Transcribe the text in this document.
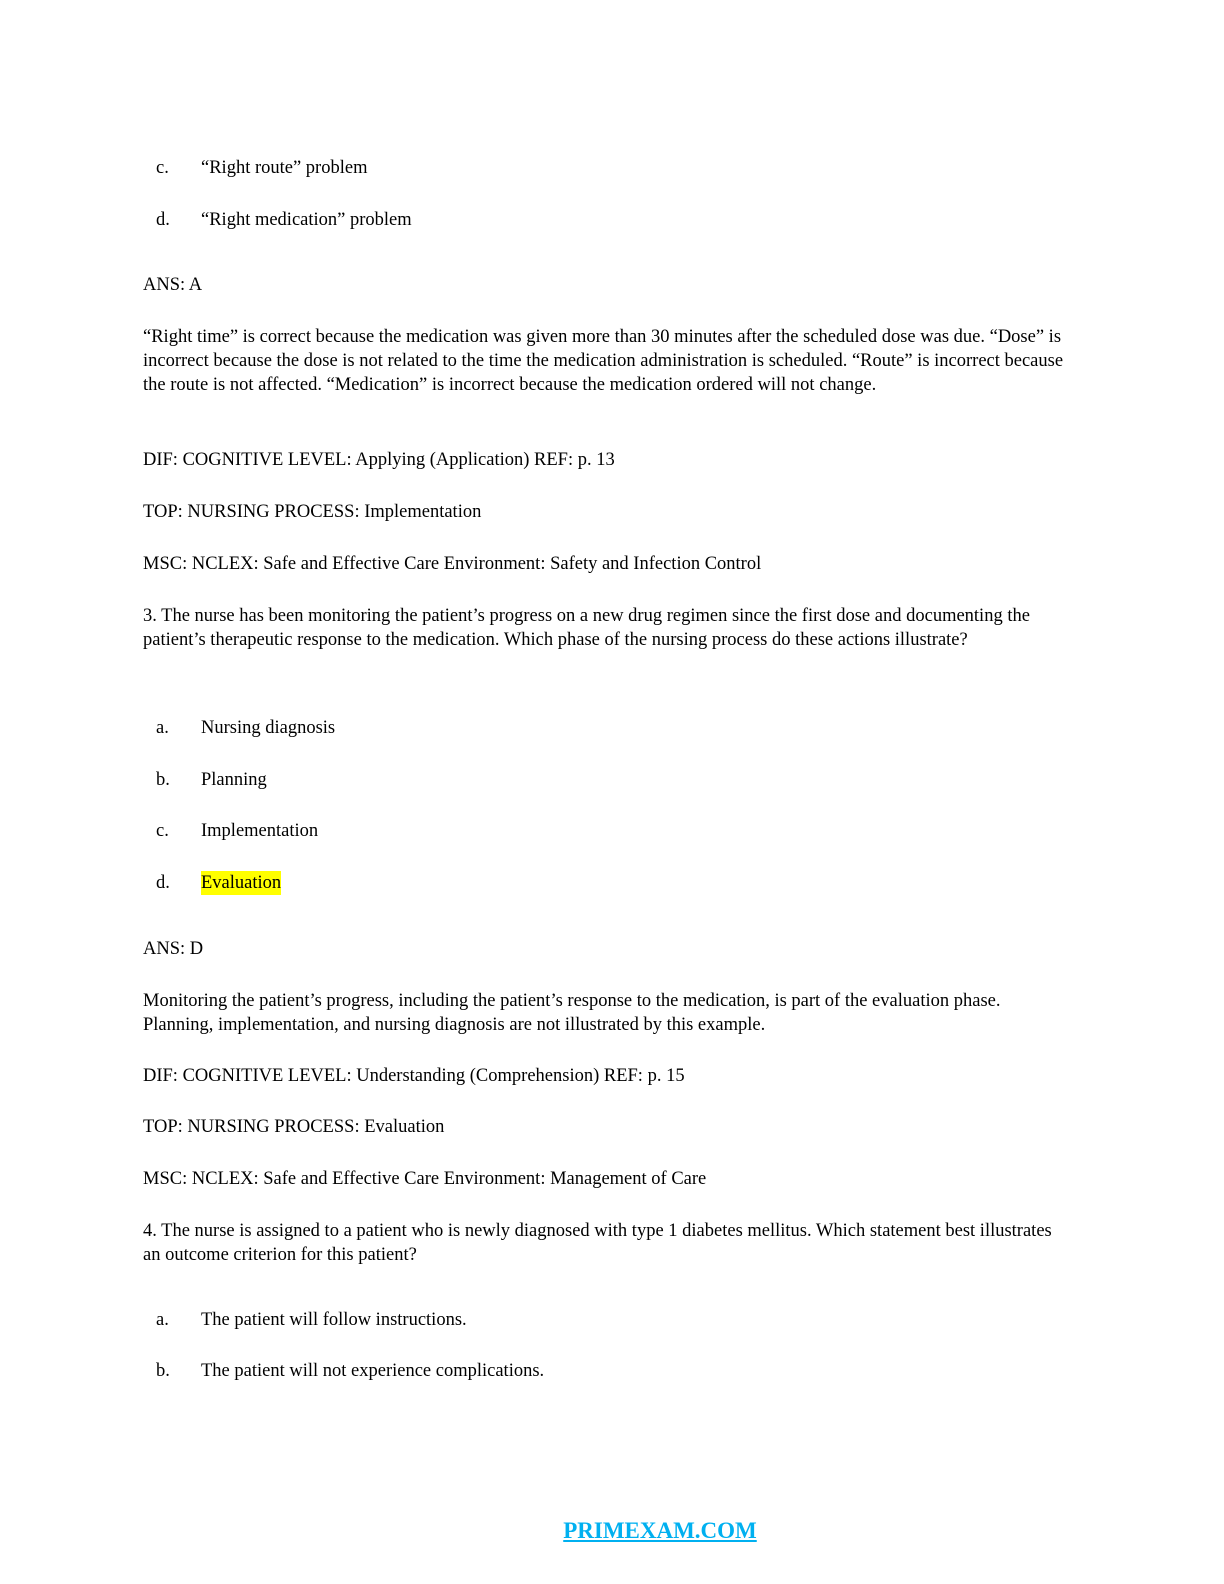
c. “Right route” problem
d. “Right medication” problem
ANS: A
“Right time” is correct because the medication was given more than 30 minutes after the scheduled dose was due. “Dose” is incorrect because the dose is not related to the time the medication administration is scheduled. “Route” is incorrect because the route is not affected. “Medication” is incorrect because the medication ordered will not change.
DIF: COGNITIVE LEVEL: Applying (Application) REF: p. 13
TOP: NURSING PROCESS: Implementation
MSC: NCLEX: Safe and Effective Care Environment: Safety and Infection Control
3. The nurse has been monitoring the patient’s progress on a new drug regimen since the first dose and documenting the patient’s therapeutic response to the medication. Which phase of the nursing process do these actions illustrate?
a. Nursing diagnosis
b. Planning
c. Implementation
d. Evaluation
ANS: D
Monitoring the patient’s progress, including the patient’s response to the medication, is part of the evaluation phase. Planning, implementation, and nursing diagnosis are not illustrated by this example.
DIF: COGNITIVE LEVEL: Understanding (Comprehension) REF: p. 15
TOP: NURSING PROCESS: Evaluation
MSC: NCLEX: Safe and Effective Care Environment: Management of Care
4. The nurse is assigned to a patient who is newly diagnosed with type 1 diabetes mellitus. Which statement best illustrates an outcome criterion for this patient?
a. The patient will follow instructions.
b. The patient will not experience complications.
PRIMEXAM.COM
